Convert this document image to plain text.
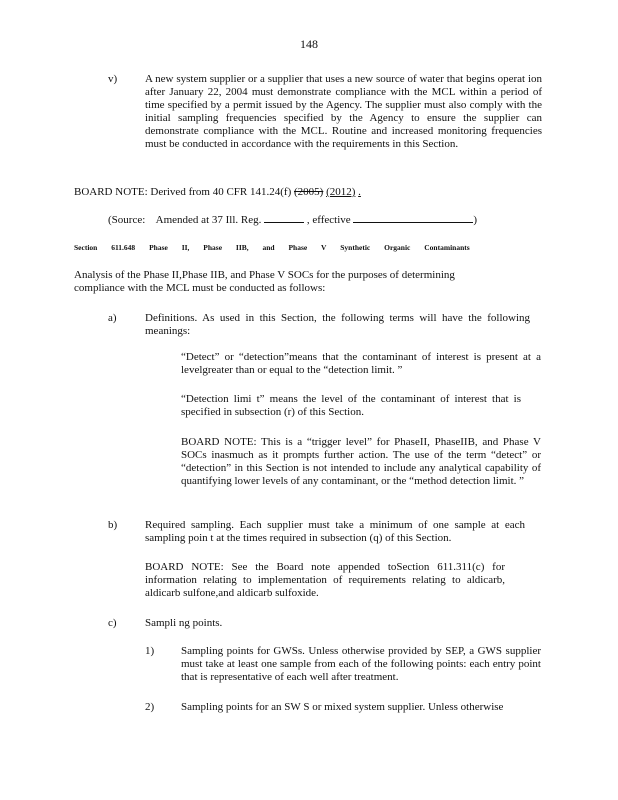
148
v)	A new system supplier or a supplier that uses a new source of water that begins operat ion after January 22, 2004 must demonstrate compliance with the MCL within a period of time specified by a permit issued by the Agency. The supplier must also comply with the initial sampling frequencies specified by the Agency to ensure the supplier can demonstrate compliance with the MCL. Routine and increased monitoring frequencies must be conducted in accordance with the requirements in this Section.
BOARD NOTE: Derived from 40 CFR 141.24(f) (2005) (2012) .
(Source: Amended at 37 Ill. Reg.	, effective	)
Section 611.648 Phase II, Phase IIB, and Phase V Synthetic Organic Contaminants
Analysis of the Phase II,Phase IIB, and Phase V SOCs for the purposes of determining compliance with the MCL must be conducted as follows:
a)	Definitions. As used in this Section, the following terms will have the following meanings:
“Detect” or “detection”means that the contaminant of interest is present at a levelgreater than or equal to the “detection limit. ”
“Detection limi t” means the level of the contaminant of interest that is specified in subsection (r) of this Section.
BOARD NOTE: This is a “trigger level” for PhaseII, PhaseIIB, and Phase V SOCs inasmuch as it prompts further action. The use of the term “detect” or “detection” in this Section is not intended to include any analytical capability of quantifying lower levels of any contaminant, or the “method detection limit. ”
b)	Required sampling. Each supplier must take a minimum of one sample at each sampling poin t at the times required in subsection (q) of this Section.
BOARD NOTE: See the Board note appended toSection 611.311(c) for information relating to implementation of requirements relating to aldicarb, aldicarb sulfone,and aldicarb sulfoxide.
c)	Sampli ng points.
1) Sampling points for GWSs. Unless otherwise provided by SEP, a GWS supplier must take at least one sample from each of the following points: each entry point that is representative of each well after treatment.
2) Sampling points for an SW S or mixed system supplier. Unless otherwise
